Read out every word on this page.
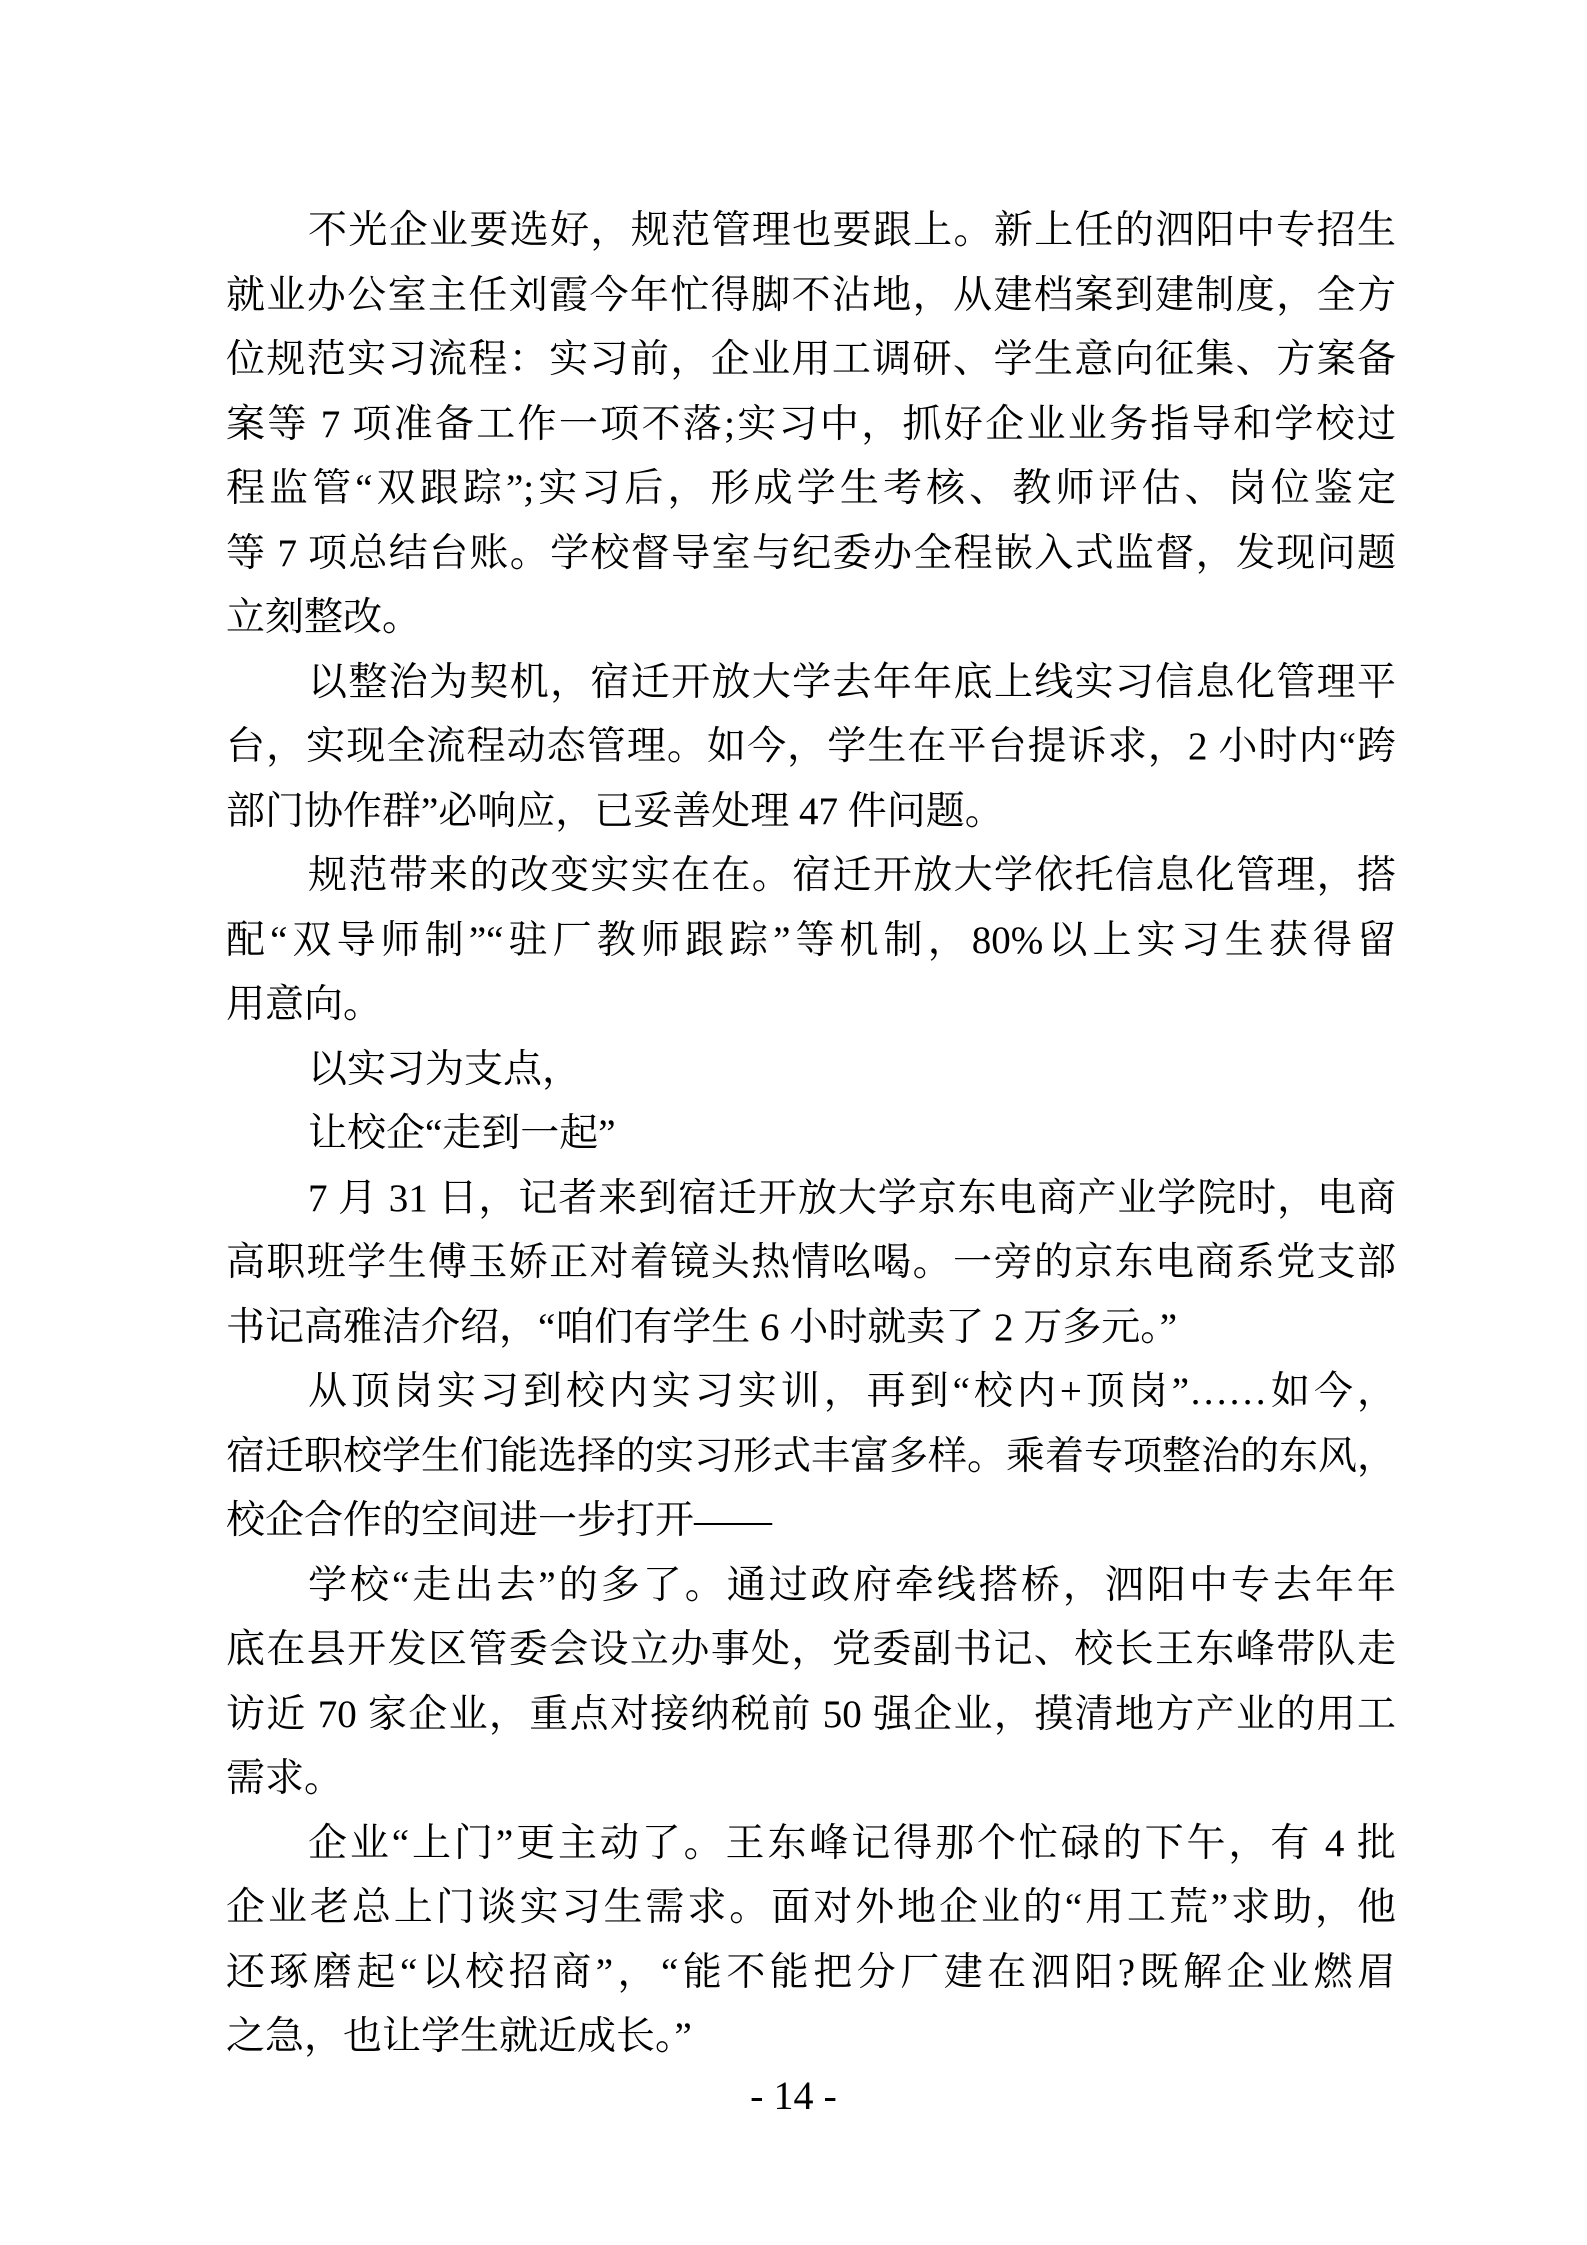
不光企业要选好，规范管理也要跟上。新上任的泗阳中专招生
就业办公室主任刘霞今年忙得脚不沾地，从建档案到建制度，全方
位规范实习流程：实习前，企业用工调研、学生意向征集、方案备
案等 7 项准备工作一项不落;实习中，抓好企业业务指导和学校过
程监管“双跟踪”;实习后，形成学生考核、教师评估、岗位鉴定
等 7 项总结台账。学校督导室与纪委办全程嵌入式监督，发现问题
立刻整改。
以整治为契机，宿迁开放大学去年年底上线实习信息化管理平
台，实现全流程动态管理。如今，学生在平台提诉求，2 小时内“跨
部门协作群”必响应，已妥善处理 47 件问题。
规范带来的改变实实在在。宿迁开放大学依托信息化管理，搭
配“双导师制”“驻厂教师跟踪”等机制，80%以上实习生获得留
用意向。
以实习为支点，
让校企“走到一起”
7 月 31 日，记者来到宿迁开放大学京东电商产业学院时，电商
高职班学生傅玉娇正对着镜头热情吆喝。一旁的京东电商系党支部
书记高雅洁介绍，“咱们有学生 6 小时就卖了 2 万多元。”
从顶岗实习到校内实习实训，再到“校内+顶岗”……如今，
宿迁职校学生们能选择的实习形式丰富多样。乘着专项整治的东风，
校企合作的空间进一步打开——
学校“走出去”的多了。通过政府牵线搭桥，泗阳中专去年年
底在县开发区管委会设立办事处，党委副书记、校长王东峰带队走
访近 70 家企业，重点对接纳税前 50 强企业，摸清地方产业的用工
需求。
企业“上门”更主动了。王东峰记得那个忙碌的下午，有 4 批
企业老总上门谈实习生需求。面对外地企业的“用工荒”求助，他
还琢磨起“以校招商”，“能不能把分厂建在泗阳?既解企业燃眉
之急，也让学生就近成长。”
- 14 -
